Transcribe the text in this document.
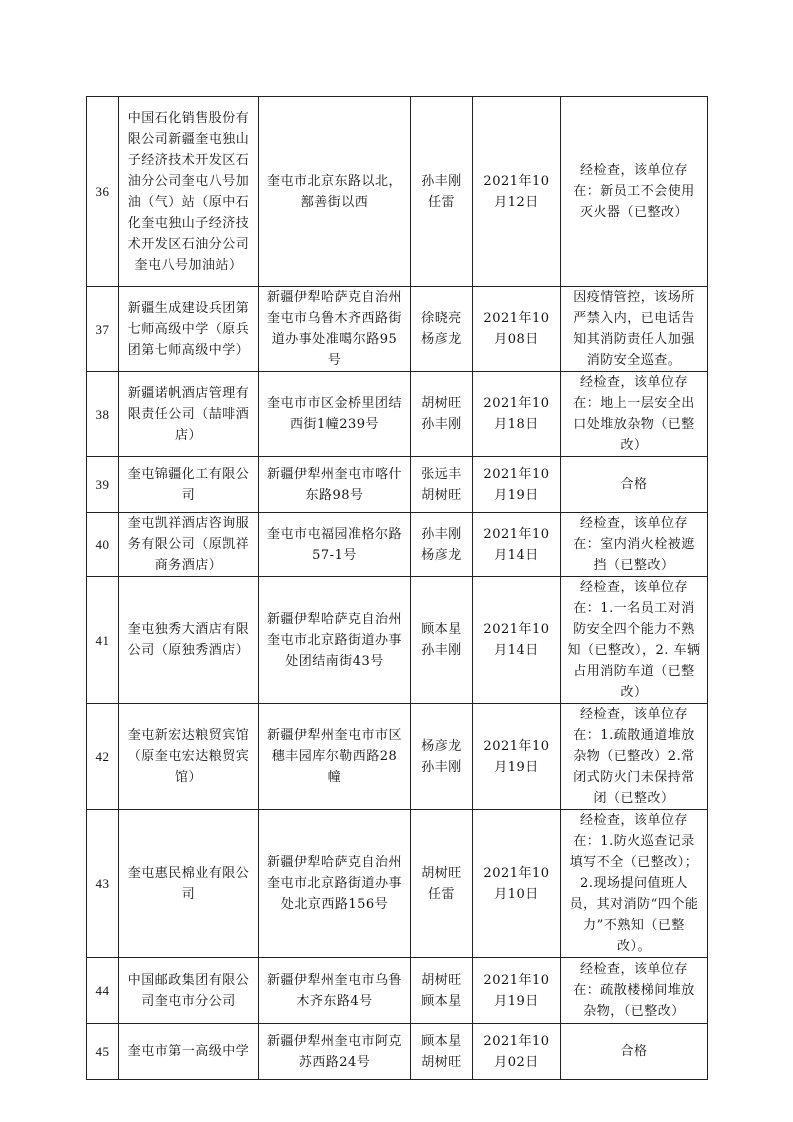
36	中国石化销售股份有限公司新疆奎屯独山子经济技术开发区石油分公司奎屯八号加油（气）站（原中石化奎屯独山子经济技术开发区石油分公司奎屯八号加油站）	奎屯市北京东路以北，鄯善街以西	孙丰刚任雷	2021年10月12日	经检查，该单位存在：新员工不会使用灭火器（已整改）
37	新疆生成建设兵团第七师高级中学（原兵团第七师高级中学）	新疆伊犁哈萨克自治州奎屯市乌鲁木齐西路街道办事处准噶尔路95号	徐晓亮杨彦龙	2021年10月08日	因疫情管控，该场所严禁入内，已电话告知其消防责任人加强消防安全巡查。
38	新疆诺帆酒店管理有限责任公司（喆啡酒店）	奎屯市市区金桥里团结西街1幢239号	胡树旺孙丰刚	2021年10月18日	经检查，该单位存在：地上一层安全出口处堆放杂物（已整改）
39	奎屯锦疆化工有限公司	新疆伊犁州奎屯市喀什东路98号	张远丰胡树旺	2021年10月19日	合格
40	奎屯凯祥酒店咨询服务有限公司（原凯祥商务酒店）	奎屯市屯福园准格尔路57-1号	孙丰刚杨彦龙	2021年10月14日	经检查，该单位存在：室内消火栓被遮挡（已整改）
41	奎屯独秀大酒店有限公司（原独秀酒店）	新疆伊犁哈萨克自治州奎屯市北京路街道办事处团结南街43号	顾本星孙丰刚	2021年10月14日	经检查，该单位存在：1.一名员工对消防安全四个能力不熟知（已整改），2. 车辆占用消防车道（已整改）
42	奎屯新宏达粮贸宾馆（原奎屯宏达粮贸宾馆）	新疆伊犁州奎屯市市区穗丰园库尔勒西路28幢	杨彦龙孙丰刚	2021年10月19日	经检查，该单位存在：1.疏散通道堆放杂物（已整改）2.常闭式防火门未保持常闭（已整改）
43	奎屯惠民棉业有限公司	新疆伊犁哈萨克自治州奎屯市北京路街道办事处北京西路156号	胡树旺任雷	2021年10月10日	经检查，该单位存在：1.防火巡查记录填写不全（已整改）；2.现场提问值班人员，其对消防“四个能力”不熟知（已整改）。
44	中国邮政集团有限公司奎屯市分公司	新疆伊犁州奎屯市乌鲁木齐东路4号	胡树旺顾本星	2021年10月19日	经检查，该单位存在：疏散楼梯间堆放杂物，（已整改）
45	奎屯市第一高级中学	新疆伊犁州奎屯市阿克苏西路24号	顾本星胡树旺	2021年10月02日	合格
